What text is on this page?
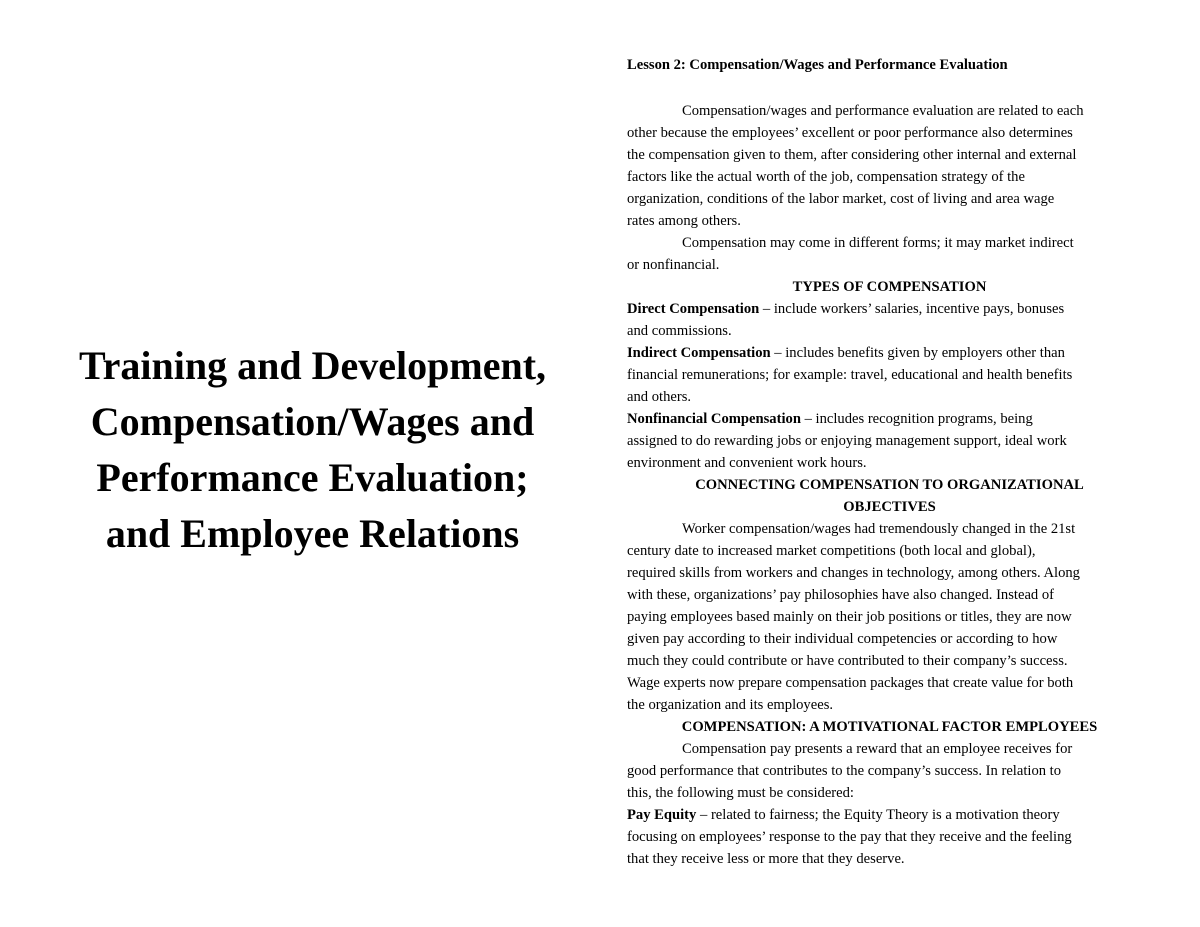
Training and Development,
Compensation/Wages and
Performance Evaluation;
and Employee Relations

Lesson 2: Compensation/Wages and Performance Evaluation

Compensation/wages and performance evaluation are related to each
other because the employees’ excellent or poor performance also determines
the compensation given to them, after considering other internal and external
factors like the actual worth of the job, compensation strategy of the
organization, conditions of the labor market, cost of living and area wage
rates among others.

Compensation may come in different forms; it may market indirect
or nonfinancial.

TYPES OF COMPENSATION

Direct Compensation – include workers’ salaries, incentive pays, bonuses
and commissions.

Indirect Compensation – includes benefits given by employers other than
financial remunerations; for example: travel, educational and health benefits
and others.

Nonfinancial Compensation – includes recognition programs, being
assigned to do rewarding jobs or enjoying management support, ideal work
environment and convenient work hours.

CONNECTING COMPENSATION TO ORGANIZATIONAL
OBJECTIVES

Worker compensation/wages had tremendously changed in the 21st
century date to increased market competitions (both local and global),
required skills from workers and changes in technology, among others. Along
with these, organizations’ pay philosophies have also changed. Instead of
paying employees based mainly on their job positions or titles, they are now
given pay according to their individual competencies or according to how
much they could contribute or have contributed to their company’s success.
Wage experts now prepare compensation packages that create value for both
the organization and its employees.

COMPENSATION: A MOTIVATIONAL FACTOR EMPLOYEES

Compensation pay presents a reward that an employee receives for
good performance that contributes to the company’s success. In relation to
this, the following must be considered:

Pay Equity – related to fairness; the Equity Theory is a motivation theory
focusing on employees’ response to the pay that they receive and the feeling
that they receive less or more that they deserve.
